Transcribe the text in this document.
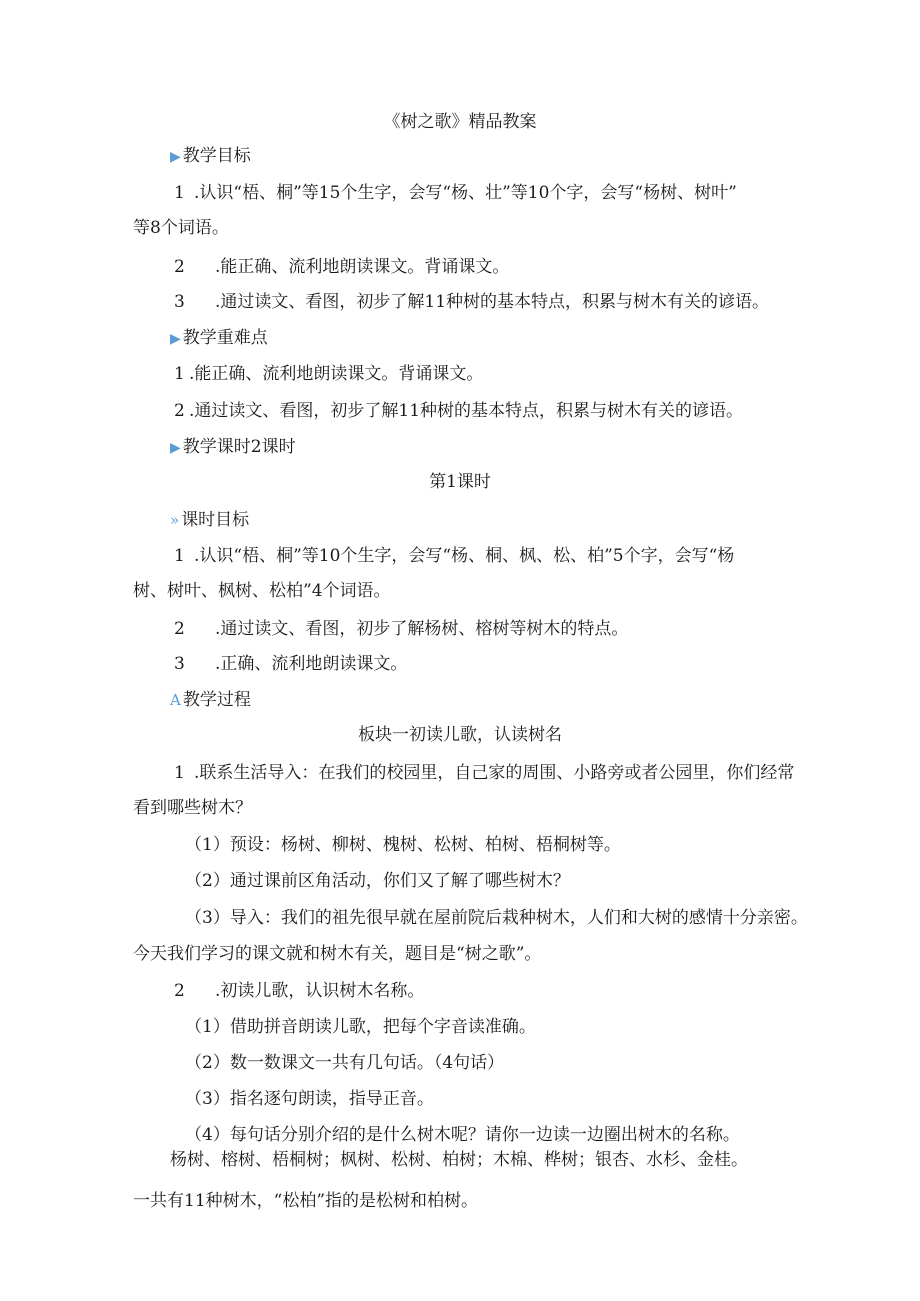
《树之歌》精品教案
▶ 教学目标
1 .认识“梧、桐”等15个生字，会写“杨、壮”等10个字，会写“杨树、树叶”
等8个词语。
2 .能正确、流利地朗读课文。背诵课文。
3 .通过读文、看图，初步了解11种树的基本特点，积累与树木有关的谚语。
▶ 教学重难点
1 .能正确、流利地朗读课文。背诵课文。
2 .通过读文、看图，初步了解11种树的基本特点，积累与树木有关的谚语。
▶ 教学课时2课时
第1课时
» 课时目标
1 .认识“梧、桐”等10个生字，会写“杨、桐、枫、松、柏”5个字，会写“杨
树、树叶、枫树、松柏”4个词语。
2 .通过读文、看图，初步了解杨树、榕树等树木的特点。
3 .正确、流利地朗读课文。
A 教学过程
板块一初读儿歌，认读树名
1 .联系生活导入：在我们的校园里，自己家的周围、小路旁或者公园里，你们经常
看到哪些树木？
（1）预设：杨树、柳树、槐树、松树、柏树、梧桐树等。
（2）通过课前区角活动，你们又了解了哪些树木？
（3）导入：我们的祖先很早就在屋前院后栽种树木，人们和大树的感情十分亲密。
今天我们学习的课文就和树木有关，题目是“树之歌”。
2 .初读儿歌，认识树木名称。
（1）借助拼音朗读儿歌，把每个字音读准确。
（2）数一数课文一共有几句话。（4句话）
（3）指名逐句朗读，指导正音。
（4）每句话分别介绍的是什么树木呢？请你一边读一边圈出树木的名称。
杨树、榕树、梧桐树；枫树、松树、柏树；木棉、桦树；银杏、水杉、金桂。
一共有11种树木，“松柏”指的是松树和柏树。
